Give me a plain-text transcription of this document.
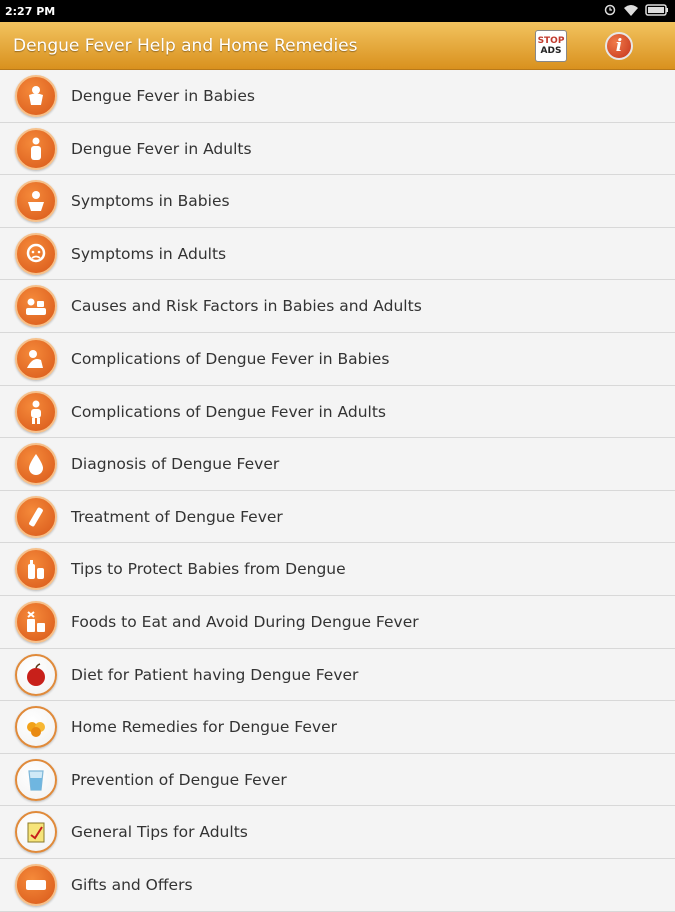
2:27 PM
Dengue Fever Help and Home Remedies	STOP
ADS	i
Dengue Fever in Babies
Dengue Fever in Adults
Symptoms in Babies
Symptoms in Adults
Causes and Risk Factors in Babies and Adults
Complications of Dengue Fever in Babies
Complications of Dengue Fever in Adults
Diagnosis of Dengue Fever
Treatment of Dengue Fever
Tips to Protect Babies from Dengue
Foods to Eat and Avoid During Dengue Fever
Diet for Patient having Dengue Fever
Home Remedies for Dengue Fever
Prevention of Dengue Fever
General Tips for Adults
Gifts and Offers
